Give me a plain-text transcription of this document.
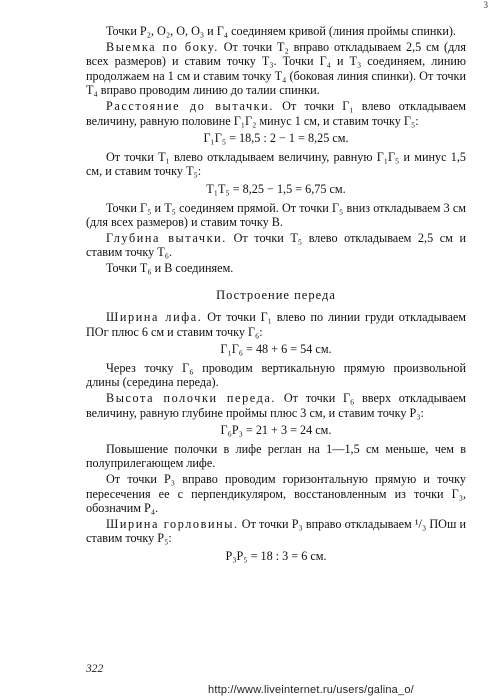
3

Точки P₂, O₂, O, O₃ и Г₄ соединяем кривой (линия проймы спинки).

Выемка по боку. От точки T₂ вправо откладываем 2,5 см (для всех размеров) и ставим точку T₃. Точки Г₄ и T₃ соединяем, линию продолжаем на 1 см и ставим точку T₄ (боковая линия спинки). От точки T₄ вправо проводим линию до талии спинки.

Расстояние до вытачки. От точки Г₁ влево откладываем величину, равную половине Г₁Г₂ минус 1 см, и ставим точку Г₅:

Г₁Г₅ = 18,5 : 2 − 1 = 8,25 см.

От точки T₁ влево откладываем величину, равную Г₁Г₅ и минус 1,5 см, и ставим точку T₅:

T₁T₅ = 8,25 − 1,5 = 6,75 см.

Точки Г₅ и T₅ соединяем прямой. От точки Г₅ вниз откладываем 3 см (для всех размеров) и ставим точку B.

Глубина вытачки. От точки T₅ влево откладываем 2,5 см и ставим точку T₆.

Точки T₆ и B соединяем.

Построение переда

Ширина лифа. От точки Г₁ влево по линии груди откладываем ПОг плюс 6 см и ставим точку Г₆:

Г₁Г₆ = 48 + 6 = 54 см.

Через точку Г₆ проводим вертикальную прямую произвольной длины (середина переда).

Высота полочки переда. От точки Г₆ вверх откладываем величину, равную глубине проймы плюс 3 см, и ставим точку P₃:

Г₆P₃ = 21 + 3 = 24 см.

Повышение полочки в лифе реглан на 1—1,5 см меньше, чем в полуприлегающем лифе.

От точки P₃ вправо проводим горизонтальную прямую и точку пересечения ее с перпендикуляром, восстановленным из точки Г₃, обозначим P₄.

Ширина горловины. От точки P₃ вправо откладываем ¹/₃ ПОш и ставим точку P₅:

P₃P₅ = 18 : 3 = 6 см.
322
http://www.liveinternet.ru/users/galina_o/
